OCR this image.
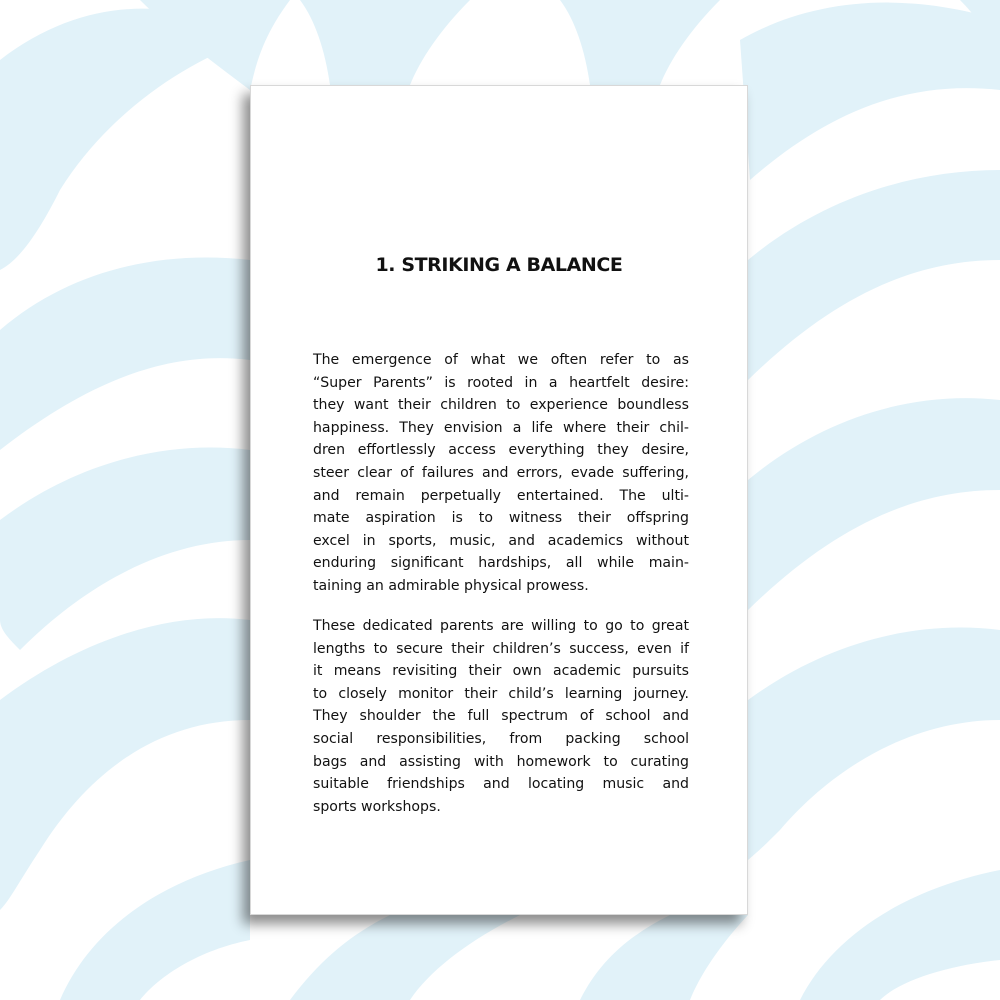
1. STRIKING A BALANCE
The emergence of what we often refer to as
“Super Parents” is rooted in a heartfelt desire:
they want their children to experience boundless
happiness. They envision a life where their chil-
dren effortlessly access everything they desire,
steer clear of failures and errors, evade suffering,
and remain perpetually entertained. The ulti-
mate aspiration is to witness their offspring
excel in sports, music, and academics without
enduring significant hardships, all while main-
taining an admirable physical prowess.
These dedicated parents are willing to go to great
lengths to secure their children’s success, even if
it means revisiting their own academic pursuits
to closely monitor their child’s learning journey.
They shoulder the full spectrum of school and
social responsibilities, from packing school
bags and assisting with homework to curating
suitable friendships and locating music and
sports workshops.
